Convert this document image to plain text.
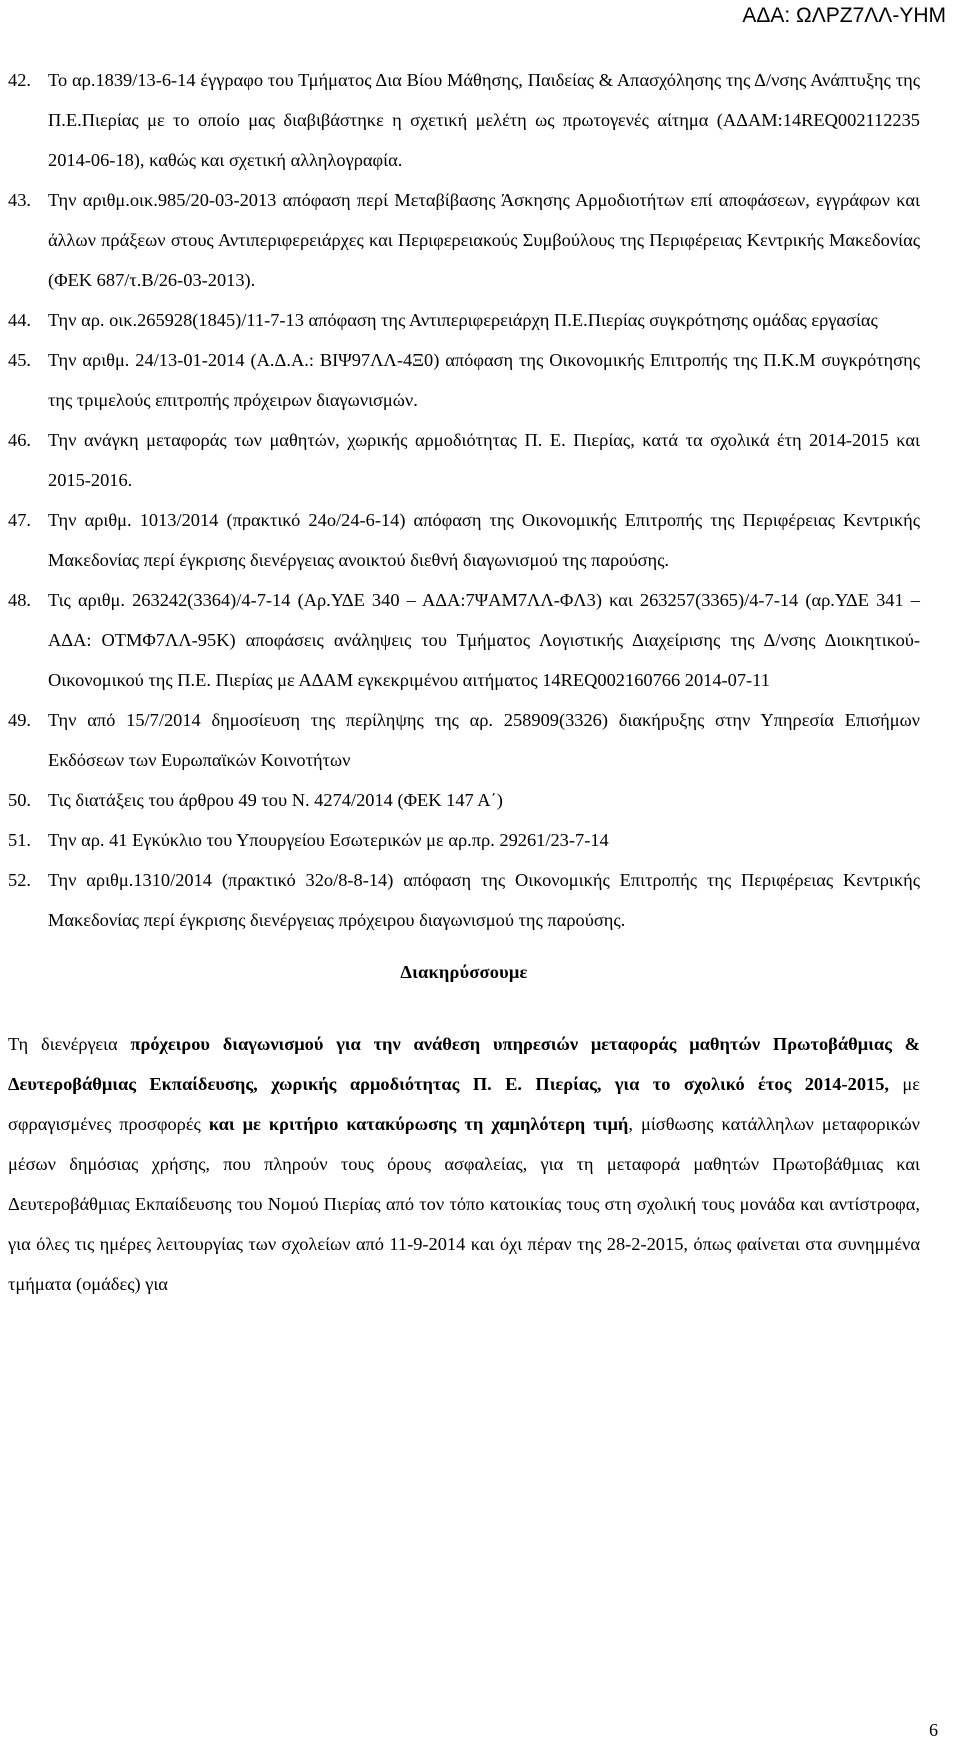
ΑΔΑ: ΩΛΡΖ7ΛΛ-ΥΗΜ
42. Το αρ.1839/13-6-14 έγγραφο του Τμήματος Δια Βίου Μάθησης, Παιδείας & Απασχόλησης της Δ/νσης Ανάπτυξης της Π.Ε.Πιερίας με το οποίο μας διαβιβάστηκε η σχετική μελέτη ως πρωτογενές αίτημα (ΑΔΑΜ:14REQ002112235 2014-06-18), καθώς και σχετική αλληλογραφία.
43. Την αριθμ.οικ.985/20-03-2013 απόφαση περί Μεταβίβασης Άσκησης Αρμοδιοτήτων επί αποφάσεων, εγγράφων και άλλων πράξεων στους Αντιπεριφερειάρχες και Περιφερειακούς Συμβούλους της Περιφέρειας Κεντρικής Μακεδονίας (ΦΕΚ 687/τ.Β/26-03-2013).
44. Την αρ. οικ.265928(1845)/11-7-13 απόφαση της Αντιπεριφερειάρχη Π.Ε.Πιερίας συγκρότησης ομάδας εργασίας
45. Την αριθμ. 24/13-01-2014 (Α.Δ.Α.: ΒΙΨ97ΛΛ-4Ξ0) απόφαση της Οικονομικής Επιτροπής της Π.Κ.Μ συγκρότησης της τριμελούς επιτροπής πρόχειρων διαγωνισμών.
46. Την ανάγκη μεταφοράς των μαθητών, χωρικής αρμοδιότητας Π. Ε. Πιερίας, κατά τα σχολικά έτη 2014-2015 και 2015-2016.
47. Την αριθμ. 1013/2014 (πρακτικό 24ο/24-6-14) απόφαση της Οικονομικής Επιτροπής της Περιφέρειας Κεντρικής Μακεδονίας περί έγκρισης διενέργειας ανοικτού διεθνή διαγωνισμού της παρούσης.
48. Τις αριθμ. 263242(3364)/4-7-14 (Αρ.ΥΔΕ 340 – ΑΔΑ:7ΨΑΜ7ΛΛ-ΦΛ3) και 263257(3365)/4-7-14 (αρ.ΥΔΕ 341 – ΑΔΑ: ΟΤΜΦ7ΛΛ-95Κ) αποφάσεις ανάληψεις του Τμήματος Λογιστικής Διαχείρισης της Δ/νσης Διοικητικού-Οικονομικού της Π.Ε. Πιερίας με ΑΔΑΜ εγκεκριμένου αιτήματος 14REQ002160766 2014-07-11
49. Την από 15/7/2014 δημοσίευση της περίληψης της αρ. 258909(3326) διακήρυξης στην Υπηρεσία Επισήμων Εκδόσεων των Ευρωπαϊκών Κοινοτήτων
50. Τις διατάξεις του άρθρου 49 του Ν. 4274/2014 (ΦΕΚ 147 Α΄)
51. Την αρ. 41 Εγκύκλιο του Υπουργείου Εσωτερικών με αρ.πρ. 29261/23-7-14
52. Την αριθμ.1310/2014 (πρακτικό 32ο/8-8-14) απόφαση της Οικονομικής Επιτροπής της Περιφέρειας Κεντρικής Μακεδονίας περί έγκρισης διενέργειας πρόχειρου διαγωνισμού της παρούσης.
Διακηρύσσουμε
Τη διενέργεια πρόχειρου διαγωνισμού για την ανάθεση υπηρεσιών μεταφοράς μαθητών Πρωτοβάθμιας & Δευτεροβάθμιας Εκπαίδευσης, χωρικής αρμοδιότητας Π. Ε. Πιερίας, για το σχολικό έτος 2014-2015, με σφραγισμένες προσφορές και με κριτήριο κατακύρωσης τη χαμηλότερη τιμή, μίσθωσης κατάλληλων μεταφορικών μέσων δημόσιας χρήσης, που πληρούν τους όρους ασφαλείας, για τη μεταφορά μαθητών Πρωτοβάθμιας και Δευτεροβάθμιας Εκπαίδευσης του Νομού Πιερίας από τον τόπο κατοικίας τους στη σχολική τους μονάδα και αντίστροφα, για όλες τις ημέρες λειτουργίας των σχολείων από 11-9-2014 και όχι πέραν της 28-2-2015, όπως φαίνεται στα συνημμένα τμήματα (ομάδες) για
6
